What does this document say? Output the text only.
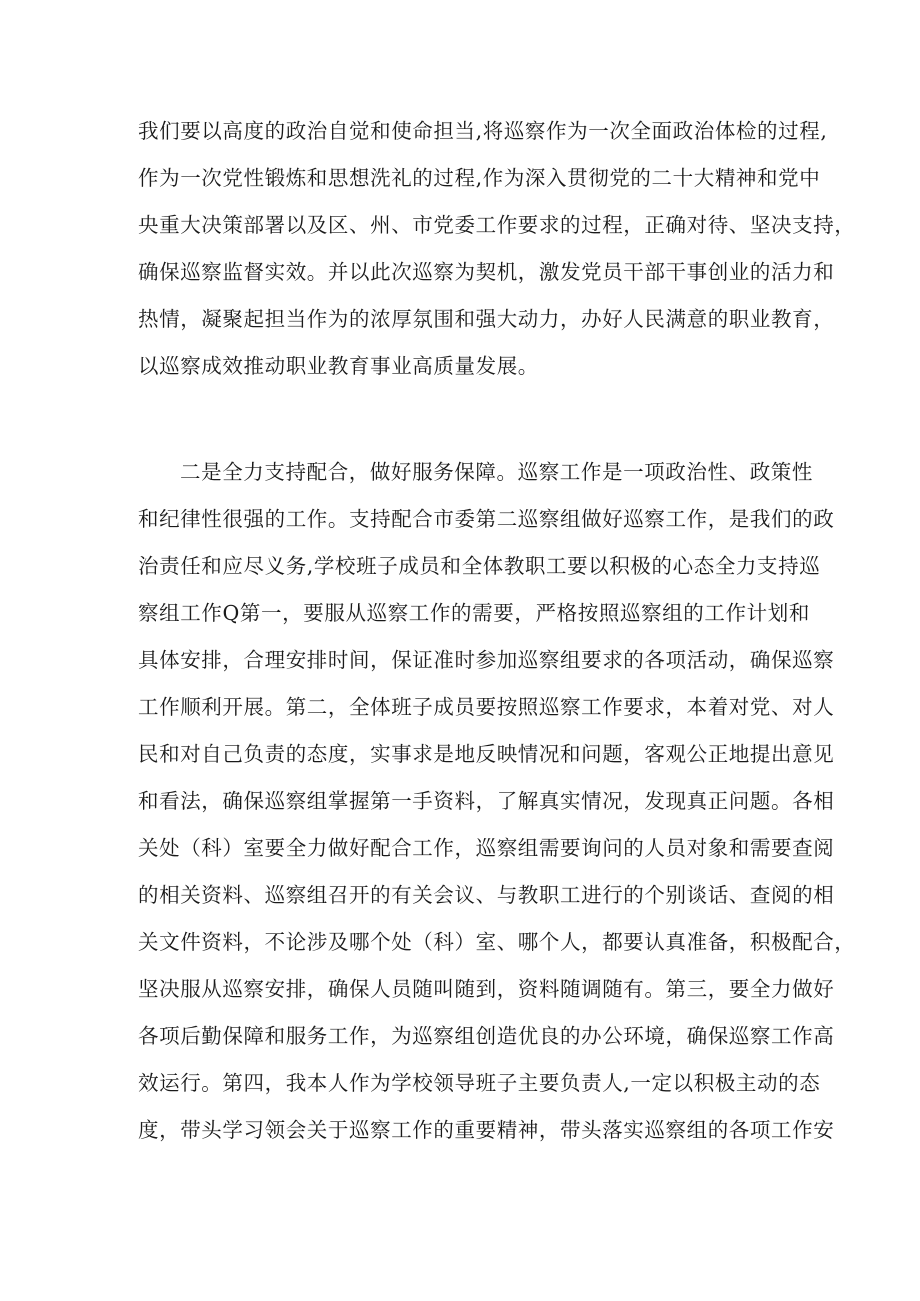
我们要以高度的政治自觉和使命担当,将巡察作为一次全面政治体检的过程,
作为一次党性锻炼和思想洗礼的过程,作为深入贯彻党的二十大精神和党中
央重大决策部署以及区、州、市党委工作要求的过程，正确对待、坚决支持，
确保巡察监督实效。并以此次巡察为契机，激发党员干部干事创业的活力和
热情，凝聚起担当作为的浓厚氛围和强大动力，办好人民满意的职业教育，
以巡察成效推动职业教育事业高质量发展。
二是全力支持配合，做好服务保障。巡察工作是一项政治性、政策性
和纪律性很强的工作。支持配合市委第二巡察组做好巡察工作，是我们的政
治责任和应尽义务,学校班子成员和全体教职工要以积极的心态全力支持巡
察组工作Q第一，要服从巡察工作的需要，严格按照巡察组的工作计划和
具体安排，合理安排时间，保证准时参加巡察组要求的各项活动，确保巡察
工作顺利开展。第二，全体班子成员要按照巡察工作要求，本着对党、对人
民和对自己负责的态度，实事求是地反映情况和问题，客观公正地提出意见
和看法，确保巡察组掌握第一手资料，了解真实情况，发现真正问题。各相
关处（科）室要全力做好配合工作，巡察组需要询问的人员对象和需要查阅
的相关资料、巡察组召开的有关会议、与教职工进行的个别谈话、查阅的相
关文件资料，不论涉及哪个处（科）室、哪个人，都要认真准备，积极配合，
坚决服从巡察安排，确保人员随叫随到，资料随调随有。第三，要全力做好
各项后勤保障和服务工作，为巡察组创造优良的办公环境，确保巡察工作高
效运行。第四，我本人作为学校领导班子主要负责人,一定以积极主动的态
度，带头学习领会关于巡察工作的重要精神，带头落实巡察组的各项工作安
